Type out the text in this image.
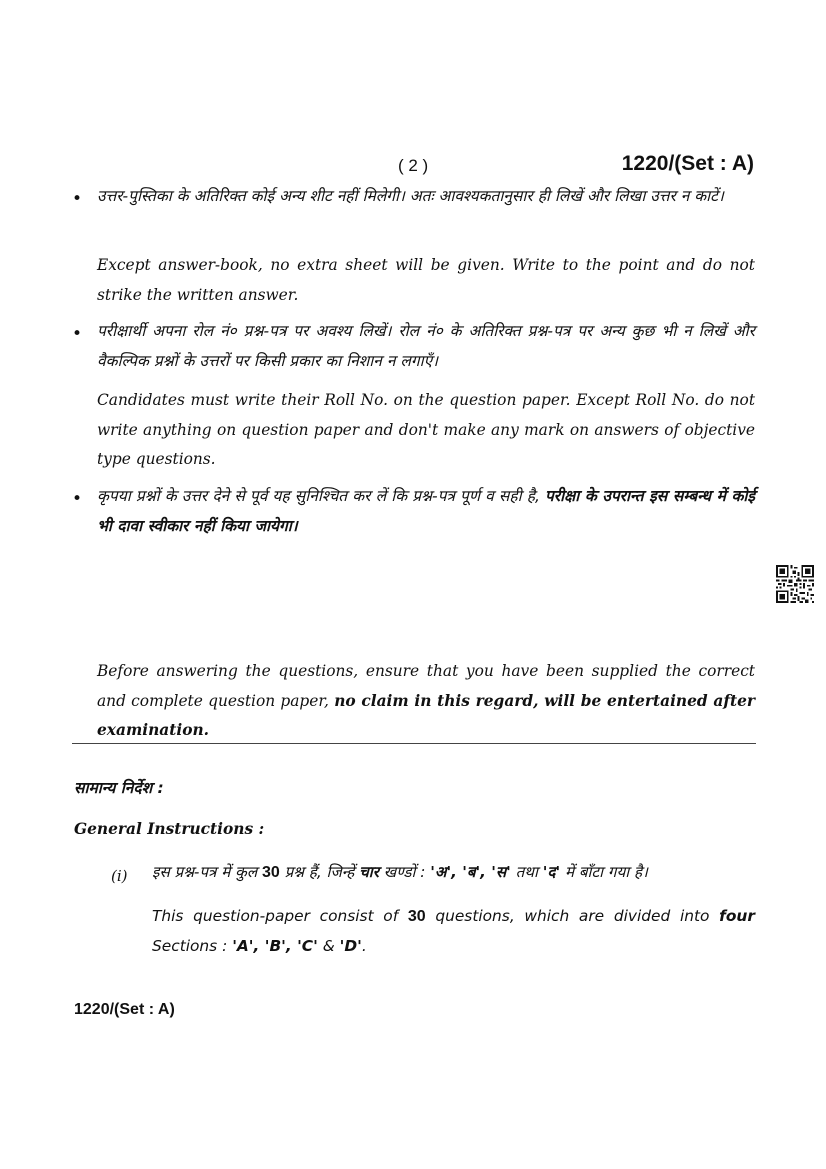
( 2 )	1220/(Set : A)
• उत्तर-पुस्तिका के अतिरिक्त कोई अन्य शीट नहीं मिलेगी। अतः आवश्यकतानुसार ही लिखें और लिखा उत्तर न काटें।

Except answer-book, no extra sheet will be given. Write to the point and do not strike the written answer.

• परीक्षार्थी अपना रोल नं० प्रश्न-पत्र पर अवश्य लिखें। रोल नं० के अतिरिक्त प्रश्न-पत्र पर अन्य कुछ भी न लिखें और वैकल्पिक प्रश्नों के उत्तरों पर किसी प्रकार का निशान न लगाएँ।

Candidates must write their Roll No. on the question paper. Except Roll No. do not write anything on question paper and don't make any mark on answers of objective type questions.

• कृपया प्रश्नों के उत्तर देने से पूर्व यह सुनिश्चित कर लें कि प्रश्न-पत्र पूर्ण व सही है, परीक्षा के उपरान्त इस सम्बन्ध में कोई भी दावा स्वीकार नहीं किया जायेगा।

Before answering the questions, ensure that you have been supplied the correct and complete question paper, no claim in this regard, will be entertained after examination.

सामान्य निर्देश :
General Instructions :
(i) इस प्रश्न-पत्र में कुल 30 प्रश्न हैं, जिन्हें चार खण्डों : 'अ', 'ब', 'स' तथा 'द' में बाँटा गया है।

This question-paper consist of 30 questions, which are divided into four Sections : 'A', 'B', 'C' & 'D'.

1220/(Set : A)
